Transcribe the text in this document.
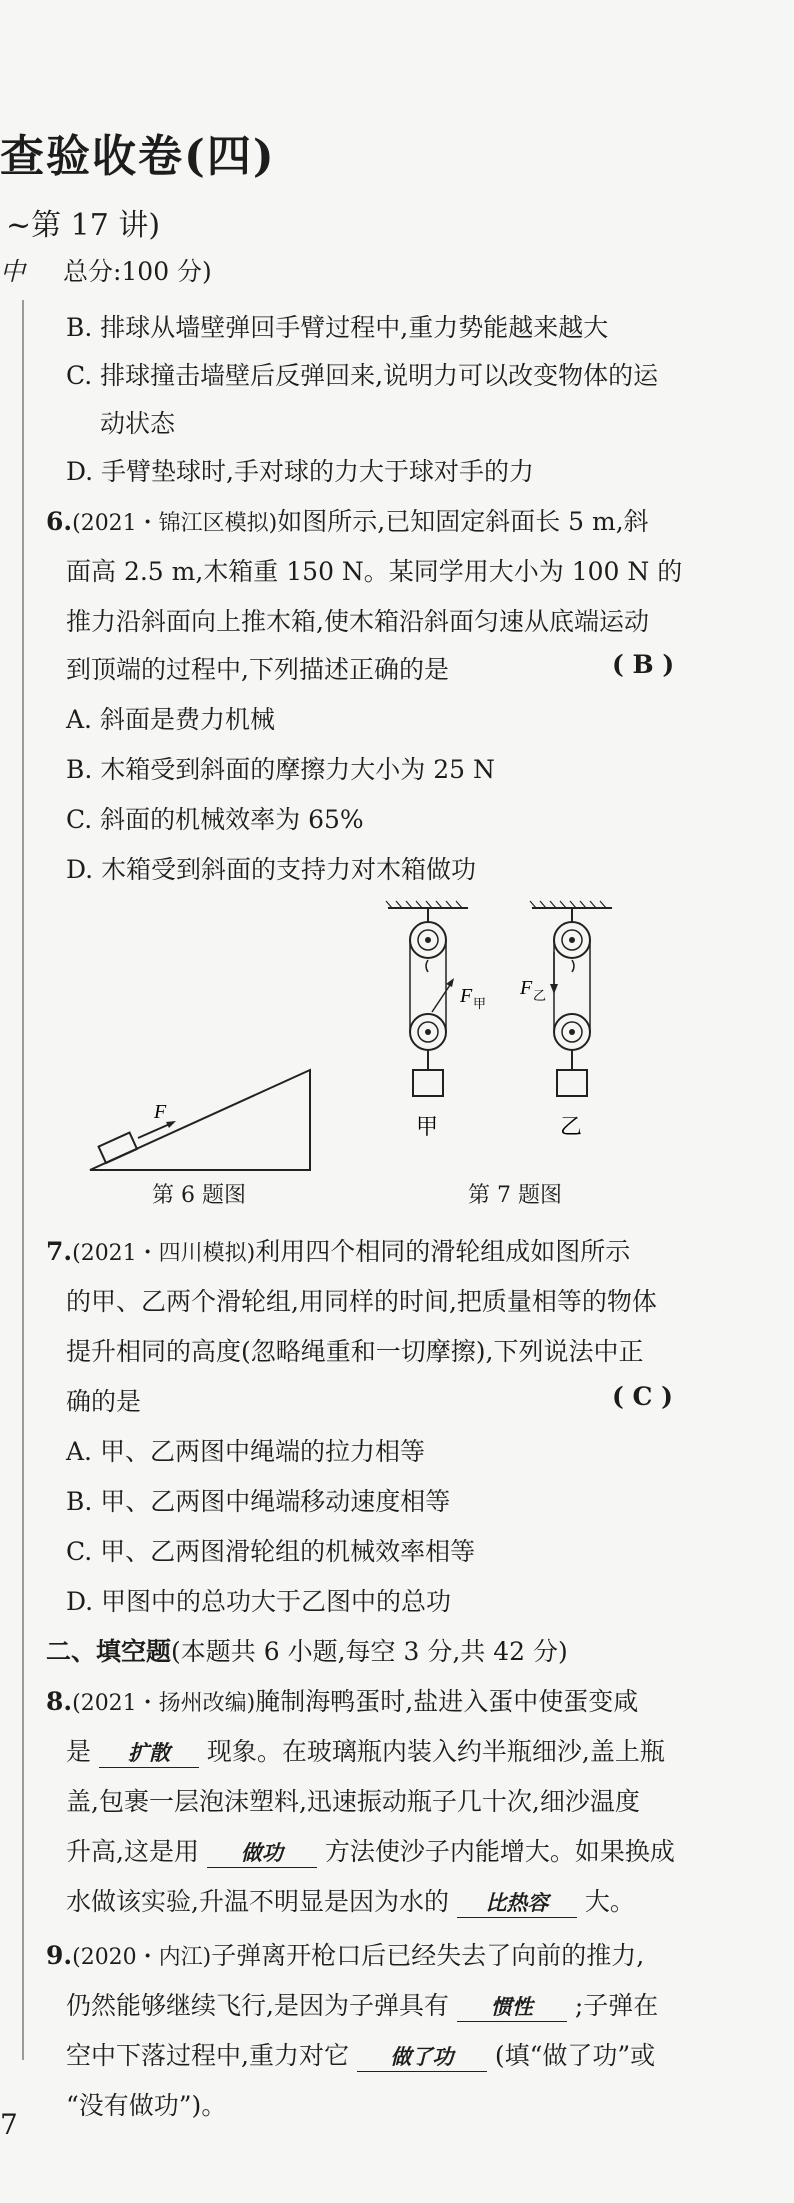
查验收卷(四)
~第 17 讲)
中 总分:100 分)
B. 排球从墙壁弹回手臂过程中,重力势能越来越大
C. 排球撞击墙壁后反弹回来,说明力可以改变物体的运
动状态
D. 手臂垫球时,手对球的力大于球对手的力
6.(2021・锦江区模拟)如图所示,已知固定斜面长 5 m,斜
面高 2.5 m,木箱重 150 N。某同学用大小为 100 N 的
推力沿斜面向上推木箱,使木箱沿斜面匀速从底端运动
到顶端的过程中,下列描述正确的是	( B )
A. 斜面是费力机械
B. 木箱受到斜面的摩擦力大小为 25 N
C. 斜面的机械效率为 65%
D. 木箱受到斜面的支持力对木箱做功
F
第 6 题图
F 甲
甲
F 乙
乙
第 7 题图
7.(2021・四川模拟)利用四个相同的滑轮组成如图所示
的甲、乙两个滑轮组,用同样的时间,把质量相等的物体
提升相同的高度(忽略绳重和一切摩擦),下列说法中正
确的是	( C )
A. 甲、乙两图中绳端的拉力相等
B. 甲、乙两图中绳端移动速度相等
C. 甲、乙两图滑轮组的机械效率相等
D. 甲图中的总功大于乙图中的总功
二、填空题(本题共 6 小题,每空 3 分,共 42 分)
8.(2021・扬州改编)腌制海鸭蛋时,盐进入蛋中使蛋变咸
是 扩散 现象。在玻璃瓶内装入约半瓶细沙,盖上瓶
盖,包裹一层泡沫塑料,迅速振动瓶子几十次,细沙温度
升高,这是用 做功 方法使沙子内能增大。如果换成
水做该实验,升温不明显是因为水的 比热容 大。
9.(2020・内江)子弹离开枪口后已经失去了向前的推力,
仍然能够继续飞行,是因为子弹具有 惯性 ;子弹在
空中下落过程中,重力对它 做了功 (填“做了功”或
“没有做功”)。
7
